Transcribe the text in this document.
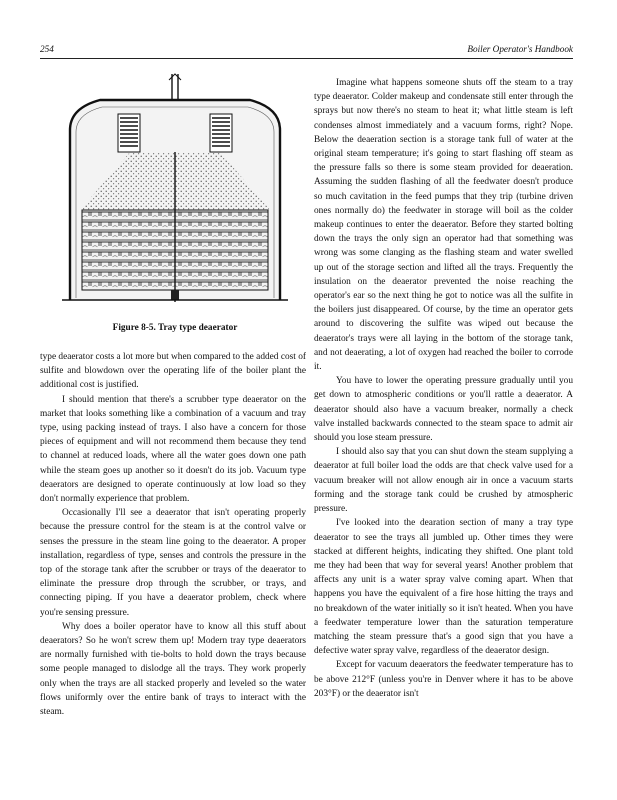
254	Boiler Operator's Handbook
Figure 8-5. Tray type deaerator

type deaerator costs a lot more but when compared to the added cost of sulfite and blowdown over the operating life of the boiler plant the additional cost is justified.

I should mention that there's a scrubber type deaerator on the market that looks something like a combination of a vacuum and tray type, using packing instead of trays. I also have a concern for those pieces of equipment and will not recommend them because they tend to channel at reduced loads, where all the water goes down one path while the steam goes up another so it doesn't do its job. Vacuum type deaerators are designed to operate continuously at low load so they don't normally experience that problem.

Occasionally I'll see a deaerator that isn't operating properly because the pressure control for the steam is at the control valve or senses the pressure in the steam line going to the deaerator. A proper installation, regardless of type, senses and controls the pressure in the top of the storage tank after the scrubber or trays of the deaerator to eliminate the pressure drop through the scrubber, or trays, and connecting piping. If you have a deaerator problem, check where you're sensing pressure.

Why does a boiler operator have to know all this stuff about deaerators? So he won't screw them up! Modern tray type deaerators are normally furnished with tie-bolts to hold down the trays because some people managed to dislodge all the trays. They work properly only when the trays are all stacked properly and leveled so the water flows uniformly over the entire bank of trays to interact with the steam.

Imagine what happens someone shuts off the steam to a tray type deaerator. Colder makeup and condensate still enter through the sprays but now there's no steam to heat it; what little steam is left condenses almost immediately and a vacuum forms, right? Nope. Below the deaeration section is a storage tank full of water at the original steam temperature; it's going to start flashing off steam as the pressure falls so there is some steam provided for deaeration. Assuming the sudden flashing of all the feedwater doesn't produce so much cavitation in the feed pumps that they trip (turbine driven ones normally do) the feedwater in storage will boil as the colder makeup continues to enter the deaerator. Before they started bolting down the trays the only sign an operator had that something was wrong was some clanging as the flashing steam and water swelled up out of the storage section and lifted all the trays. Frequently the insulation on the deaerator prevented the noise reaching the operator's ear so the next thing he got to notice was all the sulfite in the boilers just disappeared. Of course, by the time an operator gets around to discovering the sulfite was wiped out because the deaerator's trays were all laying in the bottom of the storage tank, and not deaerating, a lot of oxygen had reached the boiler to corrode it.

You have to lower the operating pressure gradually until you get down to atmospheric conditions or you'll rattle a deaerator. A deaerator should also have a vacuum breaker, normally a check valve installed backwards connected to the steam space to admit air should you lose steam pressure.

I should also say that you can shut down the steam supplying a deaerator at full boiler load the odds are that check valve used for a vacuum breaker will not allow enough air in once a vacuum starts forming and the storage tank could be crushed by atmospheric pressure.

I've looked into the dearation section of many a tray type deaerator to see the trays all jumbled up. Other times they were stacked at different heights, indicating they shifted. One plant told me they had been that way for several years! Another problem that affects any unit is a water spray valve coming apart. When that happens you have the equivalent of a fire hose hitting the trays and no breakdown of the water initially so it isn't heated. When you have a feedwater temperature lower than the saturation temperature matching the steam pressure that's a good sign that you have a defective water spray valve, regardless of the deaerator design.

Except for vacuum deaerators the feedwater temperature has to be above 212°F (unless you're in Denver where it has to be above 203°F) or the deaerator isn't
